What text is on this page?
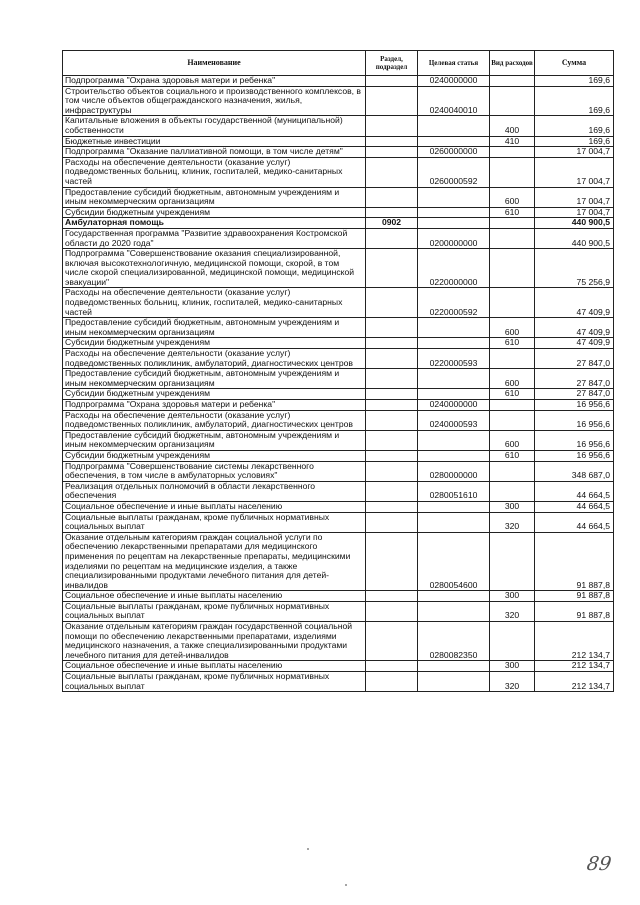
Наименование	Раздел, подраздел	Целевая статья	Вид расходов	Сумма
Подпрограмма "Охрана здоровья матери и ребенка"		0240000000		169,6
Строительство объектов социального и производственного комплексов, в том числе объектов общегражданского назначения, жилья, инфраструктуры		0240040010		169,6
Капитальные вложения в объекты государственной (муниципальной) собственности			400	169,6
Бюджетные инвестиции			410	169,6
Подпрограмма "Оказание паллиативной помощи, в том числе детям"		0260000000		17 004,7
Расходы на обеспечение деятельности (оказание услуг) подведомственных больниц, клиник, госпиталей, медико-санитарных частей		0260000592		17 004,7
Предоставление субсидий бюджетным, автономным учреждениям и иным некоммерческим организациям			600	17 004,7
Субсидии бюджетным учреждениям			610	17 004,7
Амбулаторная помощь	0902			440 900,5
Государственная программа "Развитие здравоохранения Костромской области до 2020 года"		0200000000		440 900,5
Подпрограмма "Совершенствование оказания специализированной, включая высокотехнологичную, медицинской помощи, скорой, в том числе скорой специализированной, медицинской помощи, медицинской эвакуации"		0220000000		75 256,9
Расходы на обеспечение деятельности (оказание услуг) подведомственных больниц, клиник, госпиталей, медико-санитарных частей		0220000592		47 409,9
Предоставление субсидий бюджетным, автономным учреждениям и иным некоммерческим организациям			600	47 409,9
Субсидии бюджетным учреждениям			610	47 409,9
Расходы на обеспечение деятельности (оказание услуг) подведомственных поликлиник, амбулаторий, диагностических центров		0220000593		27 847,0
Предоставление субсидий бюджетным, автономным учреждениям и иным некоммерческим организациям			600	27 847,0
Субсидии бюджетным учреждениям			610	27 847,0
Подпрограмма "Охрана здоровья матери и ребенка"		0240000000		16 956,6
Расходы на обеспечение деятельности (оказание услуг) подведомственных поликлиник, амбулаторий, диагностических центров		0240000593		16 956,6
Предоставление субсидий бюджетным, автономным учреждениям и иным некоммерческим организациям			600	16 956,6
Субсидии бюджетным учреждениям			610	16 956,6
Подпрограмма "Совершенствование системы лекарственного обеспечения, в том числе в амбулаторных условиях"		0280000000		348 687,0
Реализация отдельных полномочий в области лекарственного обеспечения		0280051610		44 664,5
Социальное обеспечение и иные выплаты населению			300	44 664,5
Социальные выплаты гражданам, кроме публичных нормативных социальных выплат			320	44 664,5
Оказание отдельным категориям граждан социальной услуги по обеспечению лекарственными препаратами для медицинского применения по рецептам на лекарственные препараты, медицинскими изделиями по рецептам на медицинские изделия, а также специализированными продуктами лечебного питания для детей-инвалидов		0280054600		91 887,8
Социальное обеспечение и иные выплаты населению			300	91 887,8
Социальные выплаты гражданам, кроме публичных нормативных социальных выплат			320	91 887,8
Оказание отдельным категориям граждан государственной социальной помощи по обеспечению лекарственными препаратами, изделиями медицинского назначения, а также специализированными продуктами лечебного питания для детей-инвалидов		0280082350		212 134,7
Социальное обеспечение и иные выплаты населению			300	212 134,7
Социальные выплаты гражданам, кроме публичных нормативных социальных выплат			320	212 134,7
89
